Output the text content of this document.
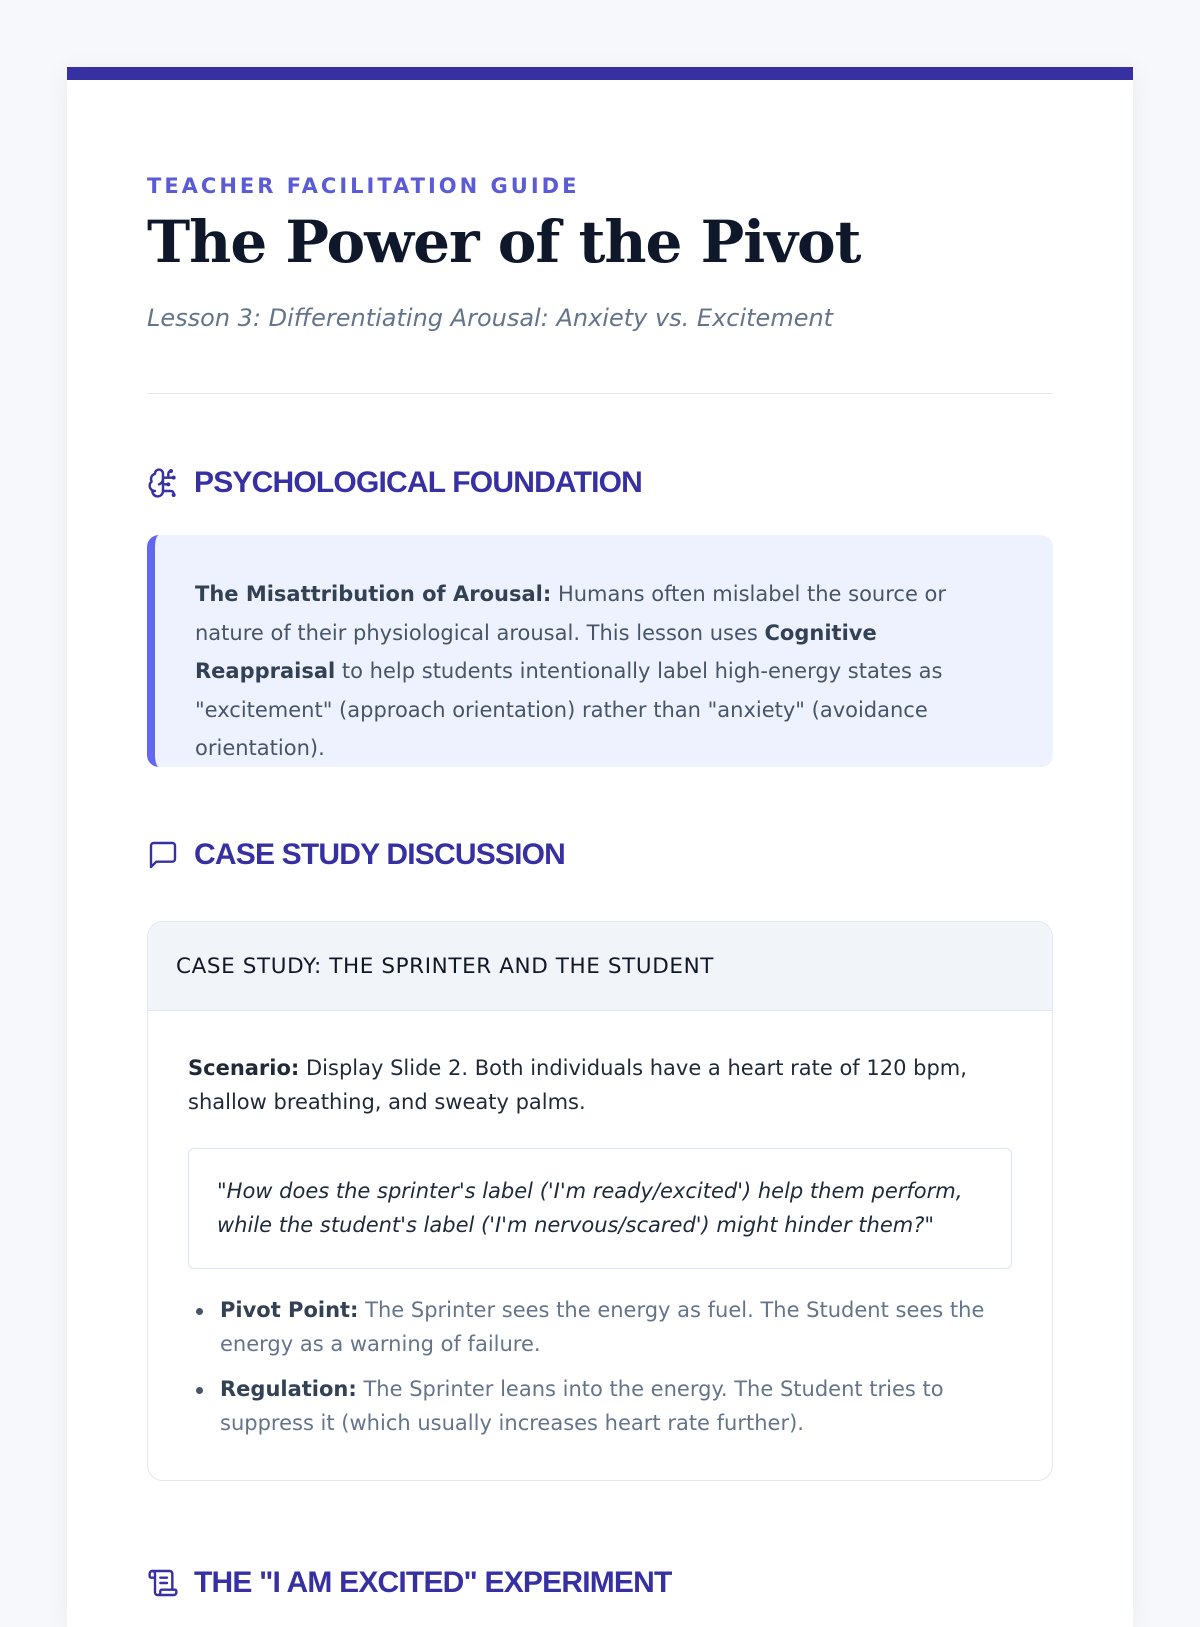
TEACHER FACILITATION GUIDE
The Power of the Pivot
Lesson 3: Differentiating Arousal: Anxiety vs. Excitement
PSYCHOLOGICAL FOUNDATION
The Misattribution of Arousal: Humans often mislabel the source or nature of their physiological arousal. This lesson uses Cognitive Reappraisal to help students intentionally label high-energy states as "excitement" (approach orientation) rather than "anxiety" (avoidance orientation).
CASE STUDY DISCUSSION
CASE STUDY: THE SPRINTER AND THE STUDENT

Scenario: Display Slide 2. Both individuals have a heart rate of 120 bpm, shallow breathing, and sweaty palms.

"How does the sprinter's label ('I'm ready/excited') help them perform, while the student's label ('I'm nervous/scared') might hinder them?"
Pivot Point: The Sprinter sees the energy as fuel. The Student sees the energy as a warning of failure.
Regulation: The Sprinter leans into the energy. The Student tries to suppress it (which usually increases heart rate further).
THE "I AM EXCITED" EXPERIMENT
